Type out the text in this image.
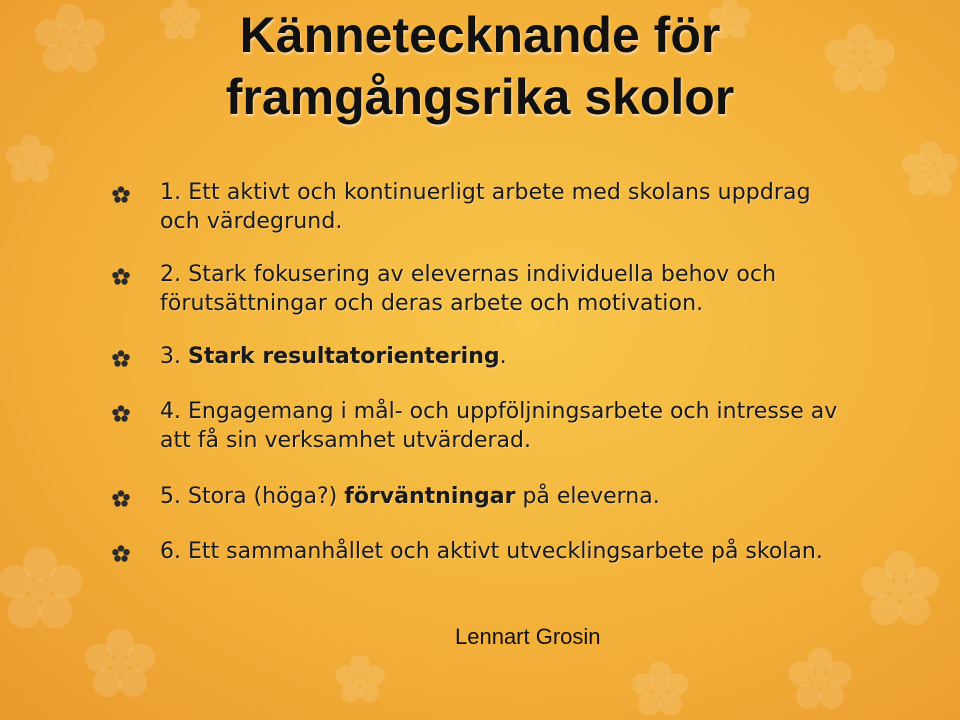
Kännetecknande för
framgångsrika skolor
1. Ett aktivt och kontinuerligt arbete med skolans uppdrag och värdegrund.
2. Stark fokusering av elevernas individuella behov och förutsättningar och deras arbete och motivation.
3. Stark resultatorientering.
4. Engagemang i mål- och uppföljningsarbete och intresse av att få sin verksamhet utvärderad.
5. Stora (höga?) förväntningar på eleverna.
6. Ett sammanhållet och aktivt utvecklingsarbete på skolan.
Lennart Grosin
